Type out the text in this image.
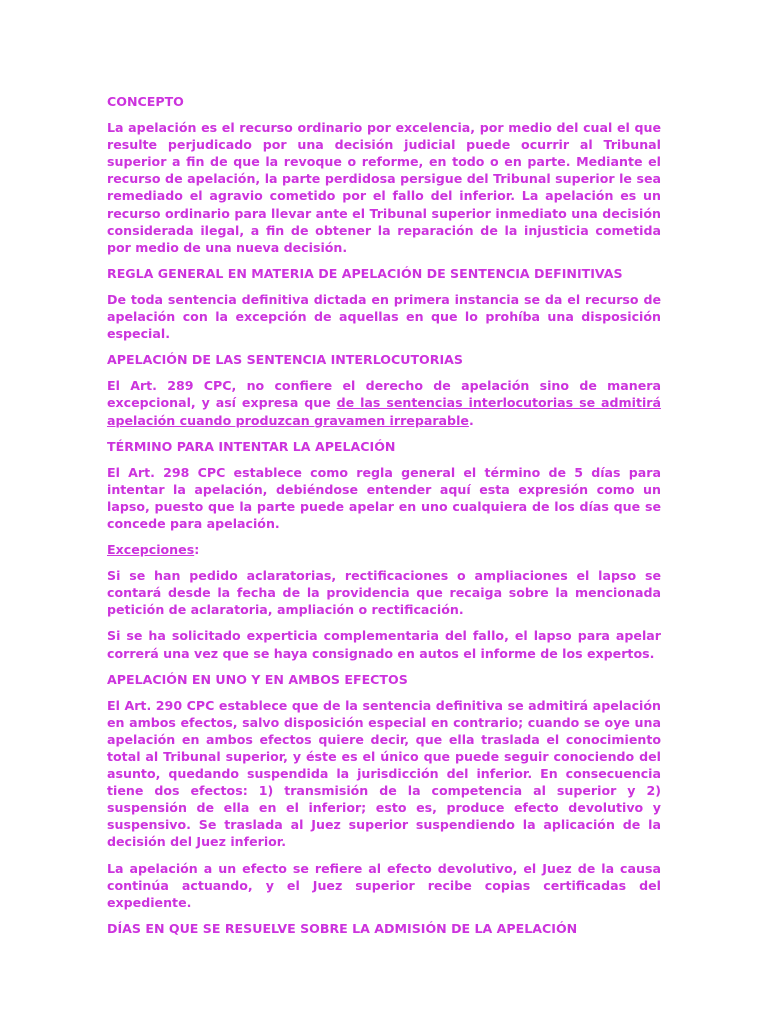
CONCEPTO

La apelación es el recurso ordinario por excelencia, por medio del cual el que resulte perjudicado por una decisión judicial puede ocurrir al Tribunal superior a fin de que la revoque o reforme, en todo o en parte. Mediante el recurso de apelación, la parte perdidosa persigue del Tribunal superior le sea remediado el agravio cometido por el fallo del inferior. La apelación es un recurso ordinario para llevar ante el Tribunal superior inmediato una decisión considerada ilegal, a fin de obtener la reparación de la injusticia cometida por medio de una nueva decisión.

REGLA GENERAL EN MATERIA DE APELACIÓN DE SENTENCIA DEFINITIVAS

De toda sentencia definitiva dictada en primera instancia se da el recurso de apelación con la excepción de aquellas en que lo prohíba una disposición especial.

APELACIÓN DE LAS SENTENCIA INTERLOCUTORIAS

El Art. 289 CPC, no confiere el derecho de apelación sino de manera excepcional, y así expresa que de las sentencias interlocutorias se admitirá apelación cuando produzcan gravamen irreparable.

TÉRMINO PARA INTENTAR LA APELACIÓN

El Art. 298 CPC establece como regla general el término de 5 días para intentar la apelación, debiéndose entender aquí esta expresión como un lapso, puesto que la parte puede apelar en uno cualquiera de los días que se concede para apelación.

Excepciones:

Si se han pedido aclaratorias, rectificaciones o ampliaciones el lapso se contará desde la fecha de la providencia que recaiga sobre la mencionada petición de aclaratoria, ampliación o rectificación.

Si se ha solicitado experticia complementaria del fallo, el lapso para apelar correrá una vez que se haya consignado en autos el informe de los expertos.

APELACIÓN EN UNO Y EN AMBOS EFECTOS

El Art. 290 CPC establece que de la sentencia definitiva se admitirá apelación en ambos efectos, salvo disposición especial en contrario; cuando se oye una apelación en ambos efectos quiere decir, que ella traslada el conocimiento total al Tribunal superior, y éste es el único que puede seguir conociendo del asunto, quedando suspendida la jurisdicción del inferior. En consecuencia tiene dos efectos: 1) transmisión de la competencia al superior y 2) suspensión de ella en el inferior; esto es, produce efecto devolutivo y suspensivo. Se traslada al Juez superior suspendiendo la aplicación de la decisión del Juez inferior.

La apelación a un efecto se refiere al efecto devolutivo, el Juez de la causa continúa actuando, y el Juez superior recibe copias certificadas del expediente.

DÍAS EN QUE SE RESUELVE SOBRE LA ADMISIÓN DE LA APELACIÓN
